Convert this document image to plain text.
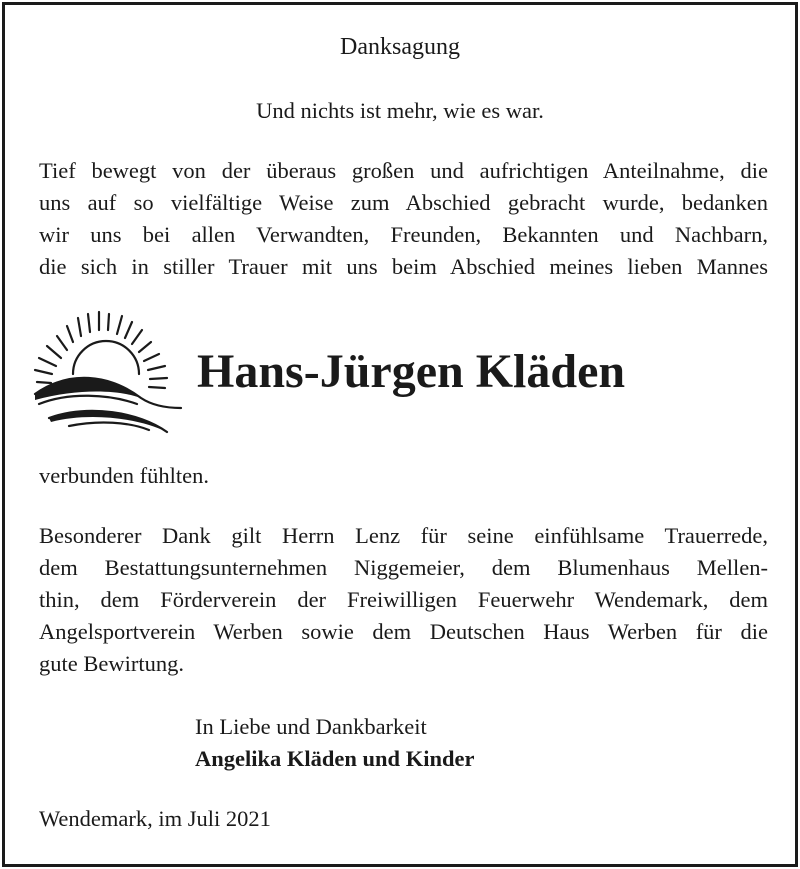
Danksagung
Und nichts ist mehr, wie es war.
Tief bewegt von der überaus großen und aufrichtigen Anteilnahme, die
uns auf so vielfältige Weise zum Abschied gebracht wurde, bedanken
wir uns bei allen Verwandten, Freunden, Bekannten und Nachbarn,
die sich in stiller Trauer mit uns beim Abschied meines lieben Mannes
Hans-Jürgen Kläden
verbunden fühlten.
Besonderer Dank gilt Herrn Lenz für seine einfühlsame Trauerrede,
dem Bestattungsunternehmen Niggemeier, dem Blumenhaus Mellen-
thin, dem Förderverein der Freiwilligen Feuerwehr Wendemark, dem
Angelsportverein Werben sowie dem Deutschen Haus Werben für die
gute Bewirtung.
In Liebe und Dankbarkeit
Angelika Kläden und Kinder
Wendemark, im Juli 2021
